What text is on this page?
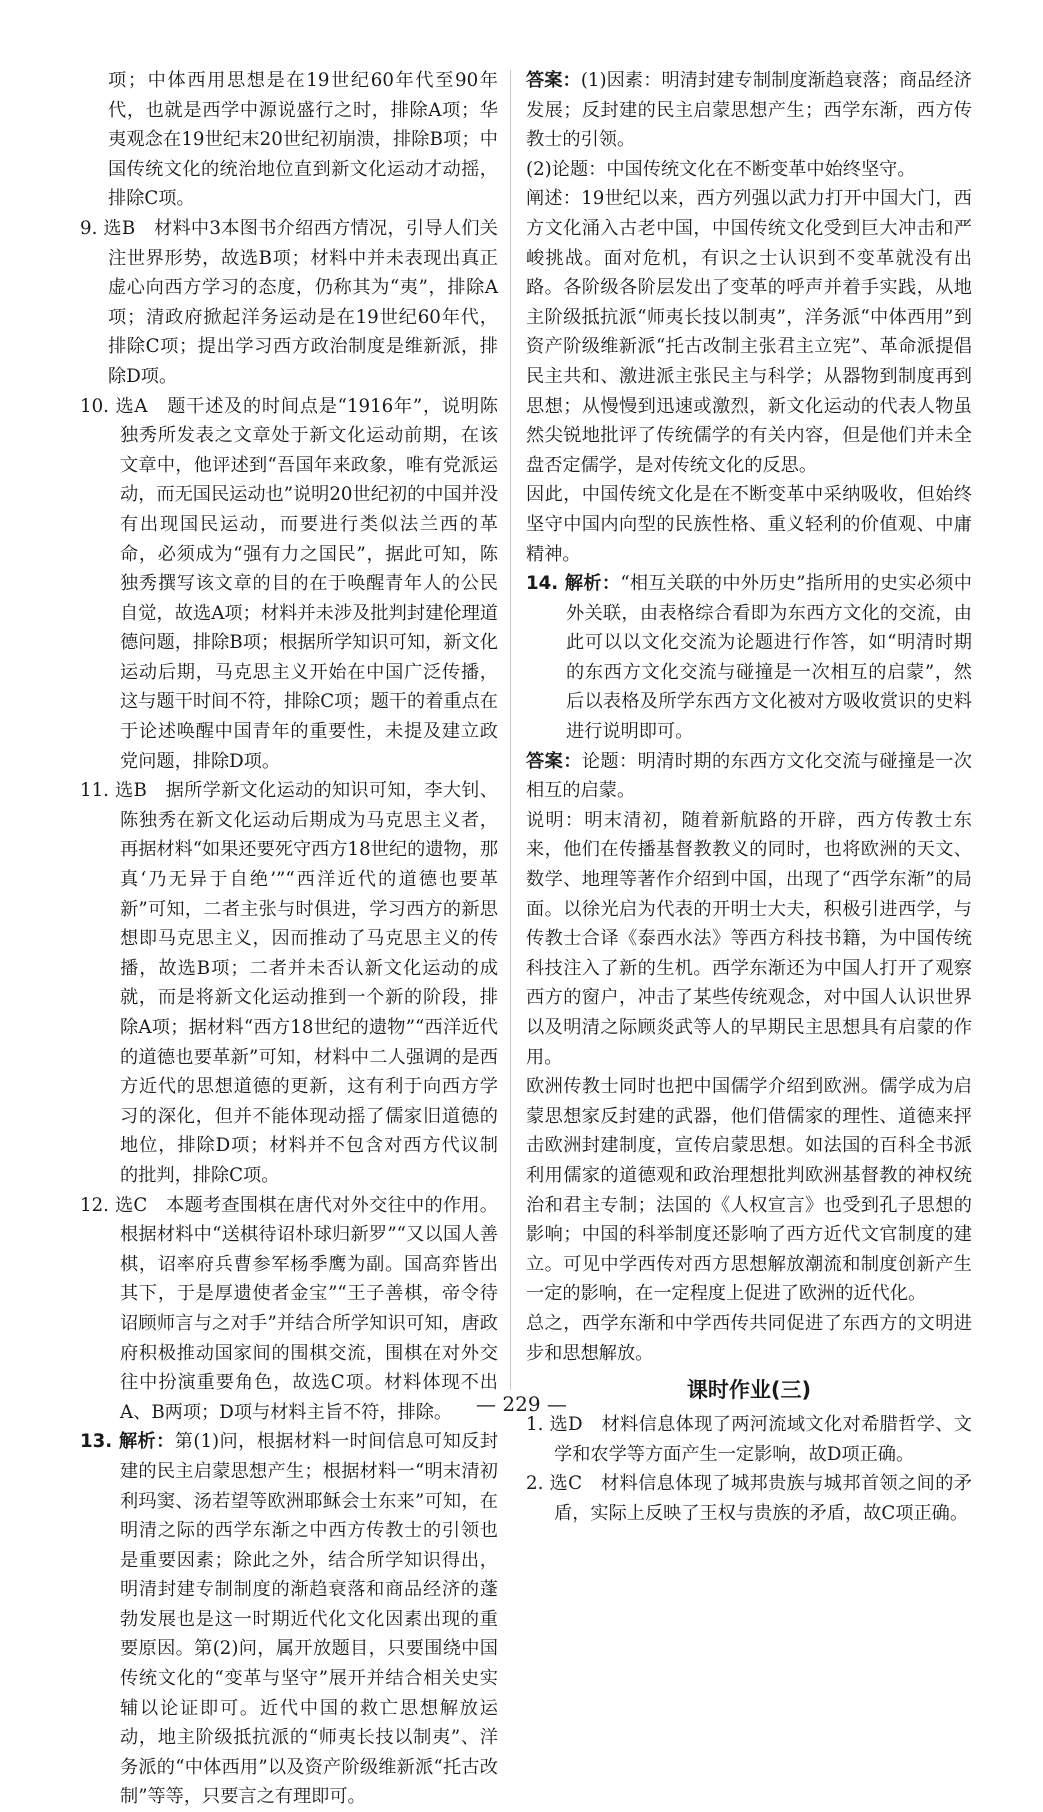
项；中体西用思想是在19世纪60年代至90年代，也就是西学中源说盛行之时，排除A项；华夷观念在19世纪末20世纪初崩溃，排除B项；中国传统文化的统治地位直到新文化运动才动摇，排除C项。

9. 选B　材料中3本图书介绍西方情况，引导人们关注世界形势，故选B项；材料中并未表现出真正虚心向西方学习的态度，仍称其为“夷”，排除A项；清政府掀起洋务运动是在19世纪60年代，排除C项；提出学习西方政治制度是维新派，排除D项。

10. 选A　题干述及的时间点是“1916年”，说明陈独秀所发表之文章处于新文化运动前期，在该文章中，他评述到“吾国年来政象，唯有党派运动，而无国民运动也”说明20世纪初的中国并没有出现国民运动，而要进行类似法兰西的革命，必须成为“强有力之国民”，据此可知，陈独秀撰写该文章的目的在于唤醒青年人的公民自觉，故选A项；材料并未涉及批判封建伦理道德问题，排除B项；根据所学知识可知，新文化运动后期，马克思主义开始在中国广泛传播，这与题干时间不符，排除C项；题干的着重点在于论述唤醒中国青年的重要性，未提及建立政党问题，排除D项。

11. 选B　据所学新文化运动的知识可知，李大钊、陈独秀在新文化运动后期成为马克思主义者，再据材料“如果还要死守西方18世纪的遗物，那真‘乃无异于自绝’”“西洋近代的道德也要革新”可知，二者主张与时俱进，学习西方的新思想即马克思主义，因而推动了马克思主义的传播，故选B项；二者并未否认新文化运动的成就，而是将新文化运动推到一个新的阶段，排除A项；据材料“西方18世纪的遗物”“西洋近代的道德也要革新”可知，材料中二人强调的是西方近代的思想道德的更新，这有利于向西方学习的深化，但并不能体现动摇了儒家旧道德的地位，排除D项；材料并不包含对西方代议制的批判，排除C项。

12. 选C　本题考查围棋在唐代对外交往中的作用。根据材料中“送棋待诏朴球归新罗”“又以国人善棋，诏率府兵曹参军杨季鹰为副。国高弈皆出其下，于是厚遗使者金宝”“王子善棋，帝令待诏顾师言与之对手”并结合所学知识可知，唐政府积极推动国家间的围棋交流，围棋在对外交往中扮演重要角色，故选C项。材料体现不出A、B两项；D项与材料主旨不符，排除。

13. 解析：第(1)问，根据材料一时间信息可知反封建的民主启蒙思想产生；根据材料一“明末清初利玛窦、汤若望等欧洲耶稣会士东来”可知，在明清之际的西学东渐之中西方传教士的引领也是重要因素；除此之外，结合所学知识得出，明清封建专制制度的渐趋衰落和商品经济的蓬勃发展也是这一时期近代化文化因素出现的重要原因。第(2)问，属开放题目，只要围绕中国传统文化的“变革与坚守”展开并结合相关史实辅以论证即可。近代中国的救亡思想解放运动，地主阶级抵抗派的“师夷长技以制夷”、洋务派的“中体西用”以及资产阶级维新派“托古改制”等等，只要言之有理即可。

答案：(1)因素：明清封建专制制度渐趋衰落；商品经济发展；反封建的民主启蒙思想产生；西学东渐，西方传教士的引领。

(2)论题：中国传统文化在不断变革中始终坚守。

阐述：19世纪以来，西方列强以武力打开中国大门，西方文化涌入古老中国，中国传统文化受到巨大冲击和严峻挑战。面对危机，有识之士认识到不变革就没有出路。各阶级各阶层发出了变革的呼声并着手实践，从地主阶级抵抗派“师夷长技以制夷”，洋务派“中体西用”到资产阶级维新派“托古改制主张君主立宪”、革命派提倡民主共和、激进派主张民主与科学；从器物到制度再到思想；从慢慢到迅速或激烈，新文化运动的代表人物虽然尖锐地批评了传统儒学的有关内容，但是他们并未全盘否定儒学，是对传统文化的反思。

因此，中国传统文化是在不断变革中采纳吸收，但始终坚守中国内向型的民族性格、重义轻利的价值观、中庸精神。

14. 解析：“相互关联的中外历史”指所用的史实必须中外关联，由表格综合看即为东西方文化的交流，由此可以以文化交流为论题进行作答，如“明清时期的东西方文化交流与碰撞是一次相互的启蒙”，然后以表格及所学东西方文化被对方吸收赏识的史料进行说明即可。

答案：论题：明清时期的东西方文化交流与碰撞是一次相互的启蒙。

说明：明末清初，随着新航路的开辟，西方传教士东来，他们在传播基督教教义的同时，也将欧洲的天文、数学、地理等著作介绍到中国，出现了“西学东渐”的局面。以徐光启为代表的开明士大夫，积极引进西学，与传教士合译《泰西水法》等西方科技书籍，为中国传统科技注入了新的生机。西学东渐还为中国人打开了观察西方的窗户，冲击了某些传统观念，对中国人认识世界以及明清之际顾炎武等人的早期民主思想具有启蒙的作用。

欧洲传教士同时也把中国儒学介绍到欧洲。儒学成为启蒙思想家反封建的武器，他们借儒家的理性、道德来抨击欧洲封建制度，宣传启蒙思想。如法国的百科全书派利用儒家的道德观和政治理想批判欧洲基督教的神权统治和君主专制；法国的《人权宣言》也受到孔子思想的影响；中国的科举制度还影响了西方近代文官制度的建立。可见中学西传对西方思想解放潮流和制度创新产生一定的影响，在一定程度上促进了欧洲的近代化。

总之，西学东渐和中学西传共同促进了东西方的文明进步和思想解放。

课时作业(三)

1. 选D　材料信息体现了两河流域文化对希腊哲学、文学和农学等方面产生一定影响，故D项正确。

2. 选C　材料信息体现了城邦贵族与城邦首领之间的矛盾，实际上反映了王权与贵族的矛盾，故C项正确。

— 229 —
